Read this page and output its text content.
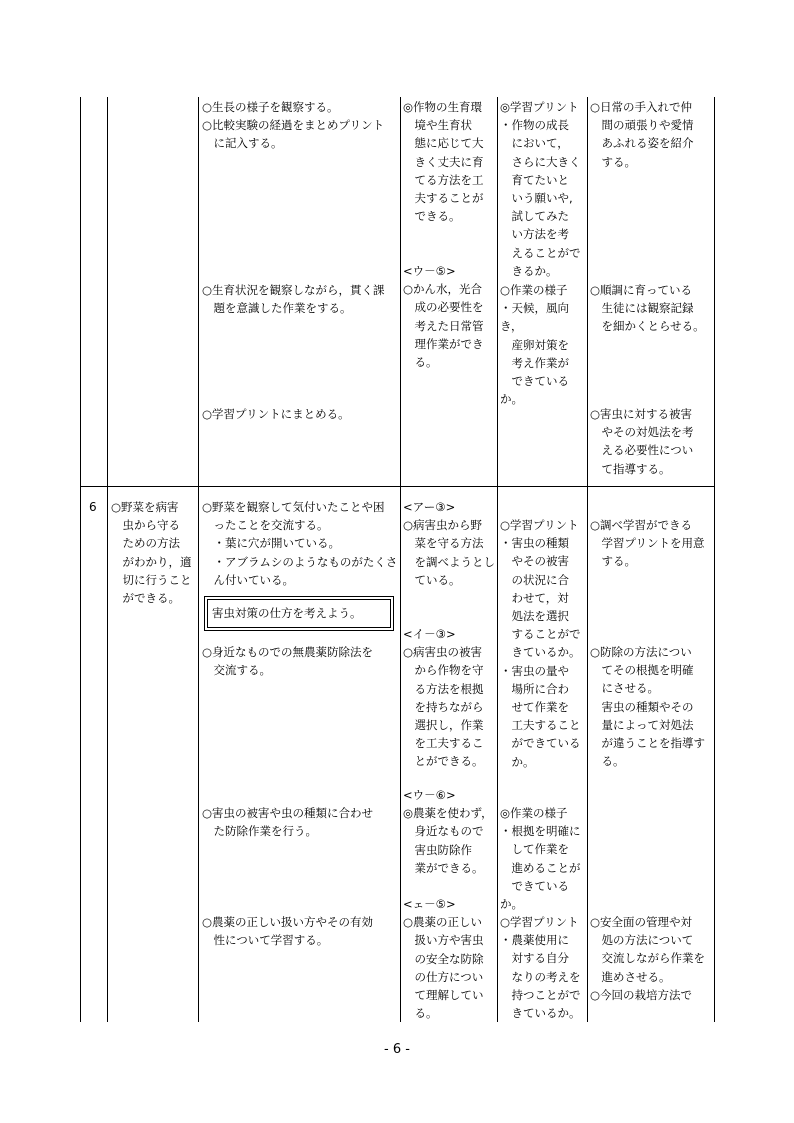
○生長の様子を観察する。
○比較実験の経過をまとめプリント
　に記入する。
○生育状況を観察しながら，貫く課
　題を意識した作業をする。
○学習プリントにまとめる。
◎作物の生育環
　境や生育状
　態に応じて大
　きく丈夫に育
　てる方法を工
　夫することが
　できる。
<ウ－⑤>
○かん水，光合
　成の必要性を
　考えた日常管
　理作業ができ
　る。
◎学習プリント
・作物の成長
　において，
　さらに大きく
　育てたいと
　いう願いや,
　試してみた
　い方法を考
　えることがで
　きるか。
○作業の様子
・天候，風向き，
　産卵対策を
　考え作業が
　できているか。
○日常の手入れで仲
　間の頑張りや愛情
　あふれる姿を紹介
　する。
○順調に育っている
　生徒には観察記録
　を細かくとらせる。
○害虫に対する被害
　やその対処法を考
　える必要性につい
　て指導する。
6 ○野菜を病害
　虫から守る
　ための方法
　がわかり，適
　切に行うこと
　ができる。
○野菜を観察して気付いたことや困
　ったことを交流する。
　・葉に穴が開いている。
　・アブラムシのようなものがたくさ
　ん付いている。
害虫対策の仕方を考えよう。
○身近なものでの無農薬防除法を
　交流する。
○害虫の被害や虫の種類に合わせ
　た防除作業を行う。
○農薬の正しい扱い方やその有効
　性について学習する。
<アー③>
○病害虫から野
　菜を守る方法
　を調べようとし
　ている。
<イ－③>
○病害虫の被害
　から作物を守
　る方法を根拠
　を持ちながら
　選択し，作業
　を工夫するこ
　とができる。
<ウ－⑥>
◎農薬を使わず，
　身近なもので
　害虫防除作
　業ができる。
<ェ－⑤>
○農薬の正しい
　扱い方や害虫
　の安全な防除
　の仕方につい
　て理解してい
　る。
○学習プリント
・害虫の種類
　やその被害
　の状況に合
　わせて，対
　処法を選択
　することがで
　きているか。
・害虫の量や
　場所に合わ
　せて作業を
　工夫すること
　ができている
　か。
◎作業の様子
・根拠を明確に
　して作業を
　進めることが
　できているか。
○学習プリント
・農薬使用に
　対する自分
　なりの考えを
　持つことがで
　きているか。
○調べ学習ができる
　学習プリントを用意
　する。
○防除の方法につい
　てその根拠を明確
　にさせる。
　害虫の種類やその
　量によって対処法
　が違うことを指導す
　る。
○安全面の管理や対
　処の方法について
　交流しながら作業を
　進めさせる。
○今回の栽培方法で
- 6 -
